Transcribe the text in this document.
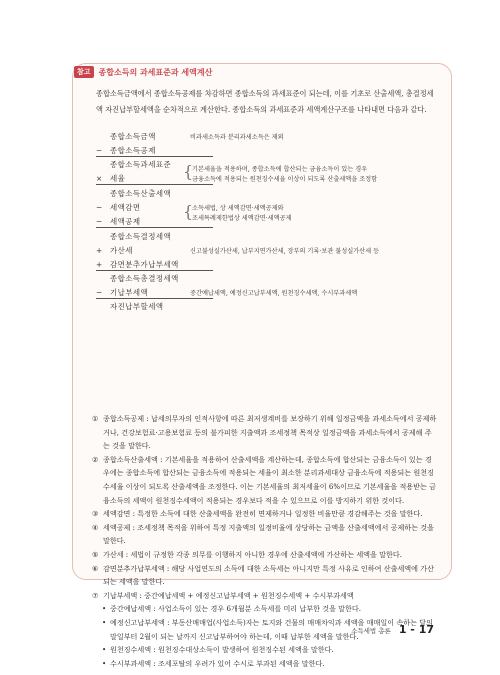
참고	종합소득의 과세표준과 세액계산
종합소득금액에서 종합소득공제를 차감하면 종합소득의 과세표준이 되는데, 이를 기초로 산출세액, 총결정세액 자진납부할세액을 순차적으로 계산한다. 종합소득의 과세표준과 세액계산구조를 나타내면 다음과 같다.
종합소득금액
−종합소득공제
종합소득과세표준
×세율
종합소득산출세액
−세액감면
−세액공제
종합소득결정세액
+가산세
+감면분추가납부세액
종합소득총결정세액
−기납부세액
자진납부할세액
비과세소득과 분리과세소득은 제외
{
기본세율을 적용하며, 종합소득에 합산되는 금융소득이 있는 경우
금융소득에 적용되는 원천징수세율 이상이 되도록 산출세액을 조정함
{
소득세법, 상 세액감면·세액공제와
조세특례제한법상 세액감면·세액공제
신고불성실가산세, 납부지연가산세, 장부의 기록·보관 불성실가산세 등
중간예납세액, 예정신고납부세액, 원천징수세액, 수시부과세액
① 종합소득공제 : 납세의무자의 인적사항에 따른 최저생계비를 보장하기 위해 일정금액을 과세소득에서 공제하거나, 건강보험료·고용보험료 등의 불가피한 지출액과 조세정책 목적상 일정금액을 과세소득에서 공제해 주는 것을 말한다.
② 종합소득산출세액 : 기본세율을 적용하여 산출세액을 계산하는데, 종합소득에 합산되는 금융소득이 있는 경우에는 종합소득에 합산되는 금융소득에 적용되는 세율이 최소한 분리과세대상 금융소득에 적용되는 원천징수세율 이상이 되도록 산출세액을 조정한다. 이는 기본세율의 최저세율이 6%이므로 기본세율을 적용받는 금융소득의 세액이 원천징수세액이 적용되는 경우보다 적을 수 있으므로 이를 방지하기 위한 것이다.
③ 세액감면 : 특정한 소득에 대한 산출세액을 완전히 면제하거나 일정한 비율만큼 경감해주는 것을 말한다.
④ 세액공제 : 조세정책 목적을 위하여 특정 지출액의 일정비율에 상당하는 금액을 산출세액에서 공제하는 것을 말한다.
⑤ 가산세 : 세법이 규정한 각종 의무를 이행하지 아니한 경우에 산출세액에 가산하는 세액을 말한다.
⑥ 감면분추가납부세액 : 해당 사업연도의 소득에 대한 소득세는 아니지만 특정 사유로 인하여 산출세액에 가산되는 세액을 말한다.
⑦ 기납부세액 : 중간예납세액 + 예정신고납부세액 + 원천징수세액 + 수시부과세액
• 중간예납세액 : 사업소득이 있는 경우 6개월분 소득세를 미리 납부한 것을 말한다.
• 예정신고납부세액 : 부동산매매업(사업소득)자는 토지와 건물의 매매차익과 세액을 매매일이 속하는 달의 말일부터 2월이 되는 날까지 신고납부하여야 하는데, 이때 납부한 세액을 말한다.
• 원천징수세액 : 원천징수대상소득이 발생하여 원천징수된 세액을 말한다.
• 수시부과세액 : 조세포탈의 우려가 있어 수시로 부과된 세액을 말한다.
소득세법 총론 1 - 17
